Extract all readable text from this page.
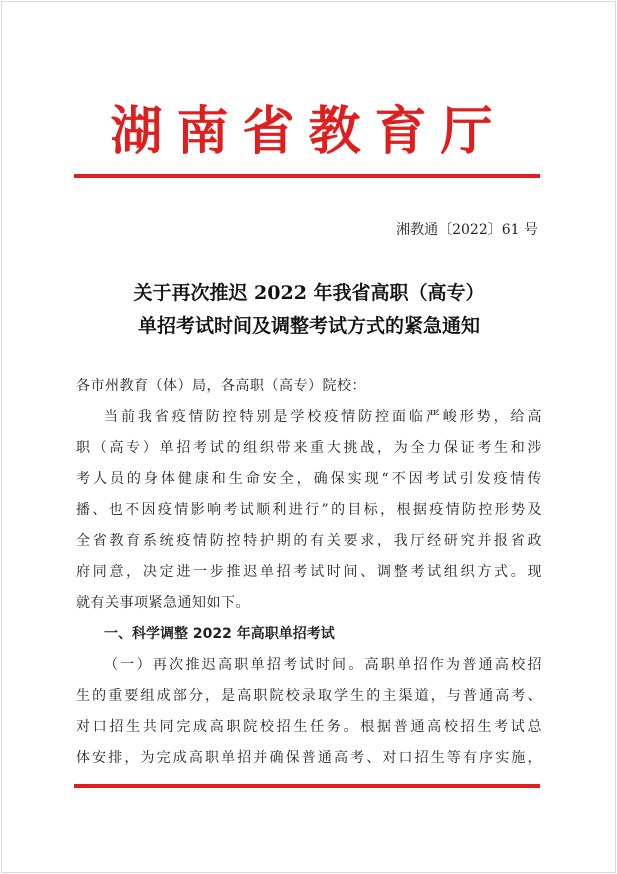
湖南省教育厅
湘教通〔2022〕61 号
关于再次推迟 2022 年我省高职（高专）
单招考试时间及调整考试方式的紧急通知
各市州教育（体）局，各高职（高专）院校：
当前我省疫情防控特别是学校疫情防控面临严峻形势，给高
职（高专）单招考试的组织带来重大挑战，为全力保证考生和涉
考人员的身体健康和生命安全，确保实现“不因考试引发疫情传
播、也不因疫情影响考试顺利进行”的目标，根据疫情防控形势及
全省教育系统疫情防控特护期的有关要求，我厅经研究并报省政
府同意，决定进一步推迟单招考试时间、调整考试组织方式。现
就有关事项紧急通知如下。
一、科学调整 2022 年高职单招考试
（一）再次推迟高职单招考试时间。高职单招作为普通高校招
生的重要组成部分，是高职院校录取学生的主渠道，与普通高考、
对口招生共同完成高职院校招生任务。根据普通高校招生考试总
体安排，为完成高职单招并确保普通高考、对口招生等有序实施，
